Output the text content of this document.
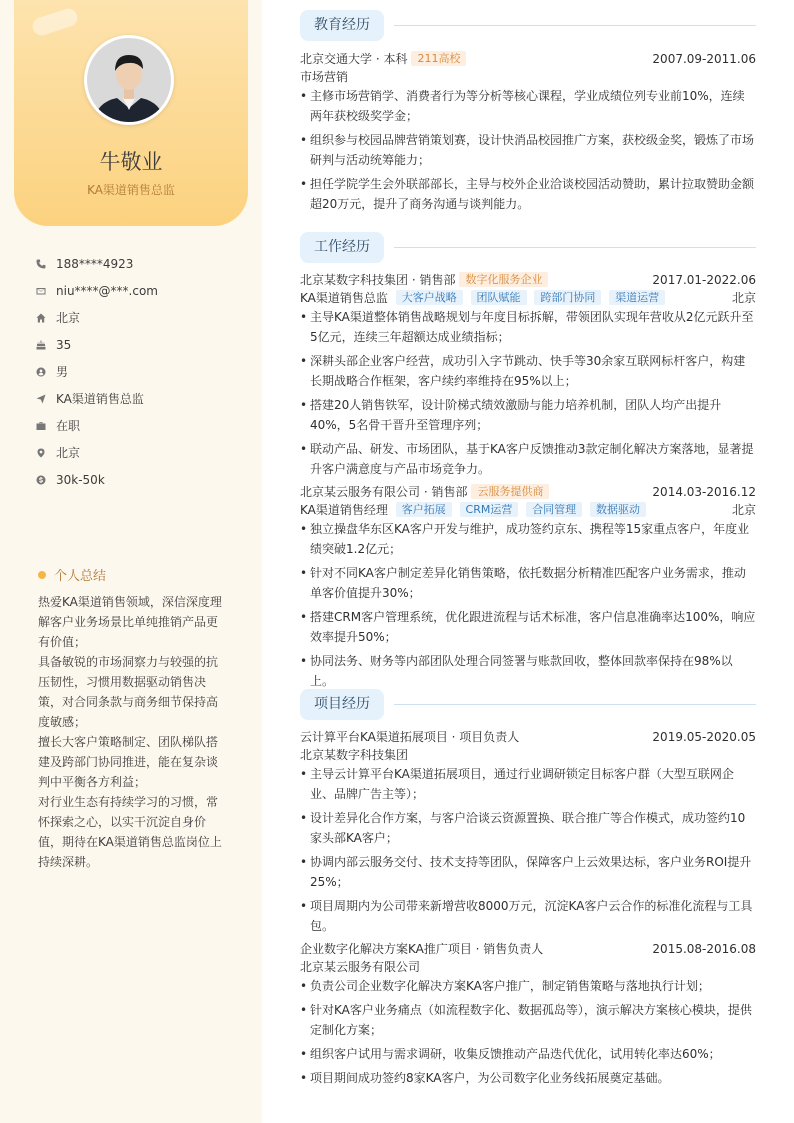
牛敬业
KA渠道销售总监
188****4923
niu****@***.com
北京
35
男
KA渠道销售总监
在职
北京
30k-50k
个人总结

热爱KA渠道销售领域，深信深度理解客户业务场景比单纯推销产品更有价值；

具备敏锐的市场洞察力与较强的抗压韧性，习惯用数据驱动销售决策，对合同条款与商务细节保持高度敏感；

擅长大客户策略制定、团队梯队搭建及跨部门协同推进，能在复杂谈判中平衡各方利益；

对行业生态有持续学习的习惯，常怀探索之心，以实干沉淀自身价值，期待在KA渠道销售总监岗位上持续深耕。

教育经历
北京交通大学 · 本科 211高校	2007.09-2011.06
市场营销
• 主修市场营销学、消费者行为等分析等核心课程，学业成绩位列专业前10%，连续两年获校级奖学金；
• 组织参与校园品牌营销策划赛，设计快消品校园推广方案，获校级金奖，锻炼了市场研判与活动统筹能力；
• 担任学院学生会外联部部长，主导与校外企业洽谈校园活动赞助，累计拉取赞助金额超20万元，提升了商务沟通与谈判能力。
工作经历
北京某数字科技集团 · 销售部 数字化服务企业	2017.01-2022.06
KA渠道销售总监 大客户战略 团队赋能 跨部门协同 渠道运营	北京
• 主导KA渠道整体销售战略规划与年度目标拆解，带领团队实现年营收从2亿元跃升至5亿元，连续三年超额达成业绩指标；
• 深耕头部企业客户经营，成功引入字节跳动、快手等30余家互联网标杆客户，构建长期战略合作框架，客户续约率维持在95%以上；
• 搭建20人销售铁军，设计阶梯式绩效激励与能力培养机制，团队人均产出提升40%，5名骨干晋升至管理序列；
• 联动产品、研发、市场团队，基于KA客户反馈推动3款定制化解决方案落地，显著提升客户满意度与产品市场竞争力。
北京某云服务有限公司 · 销售部 云服务提供商	2014.03-2016.12
KA渠道销售经理 客户拓展 CRM运营 合同管理 数据驱动	北京
• 独立操盘华东区KA客户开发与维护，成功签约京东、携程等15家重点客户，年度业绩突破1.2亿元；
• 针对不同KA客户制定差异化销售策略，依托数据分析精准匹配客户业务需求，推动单客价值提升30%；
• 搭建CRM客户管理系统，优化跟进流程与话术标准，客户信息准确率达100%，响应效率提升50%；
• 协同法务、财务等内部团队处理合同签署与账款回收，整体回款率保持在98%以上。
项目经历
云计算平台KA渠道拓展项目 · 项目负责人	2019.05-2020.05
北京某数字科技集团
• 主导云计算平台KA渠道拓展项目，通过行业调研锁定目标客户群（大型互联网企业、品牌广告主等）；
• 设计差异化合作方案，与客户洽谈云资源置换、联合推广等合作模式，成功签约10家头部KA客户；
• 协调内部云服务交付、技术支持等团队，保障客户上云效果达标，客户业务ROI提升25%；
• 项目周期内为公司带来新增营收8000万元，沉淀KA客户云合作的标准化流程与工具包。
企业数字化解决方案KA推广项目 · 销售负责人	2015.08-2016.08
北京某云服务有限公司
• 负责公司企业数字化解决方案KA客户推广，制定销售策略与落地执行计划；
• 针对KA客户业务痛点（如流程数字化、数据孤岛等），演示解决方案核心模块，提供定制化方案；
• 组织客户试用与需求调研，收集反馈推动产品迭代优化，试用转化率达60%；
• 项目期间成功签约8家KA客户，为公司数字化业务线拓展奠定基础。
